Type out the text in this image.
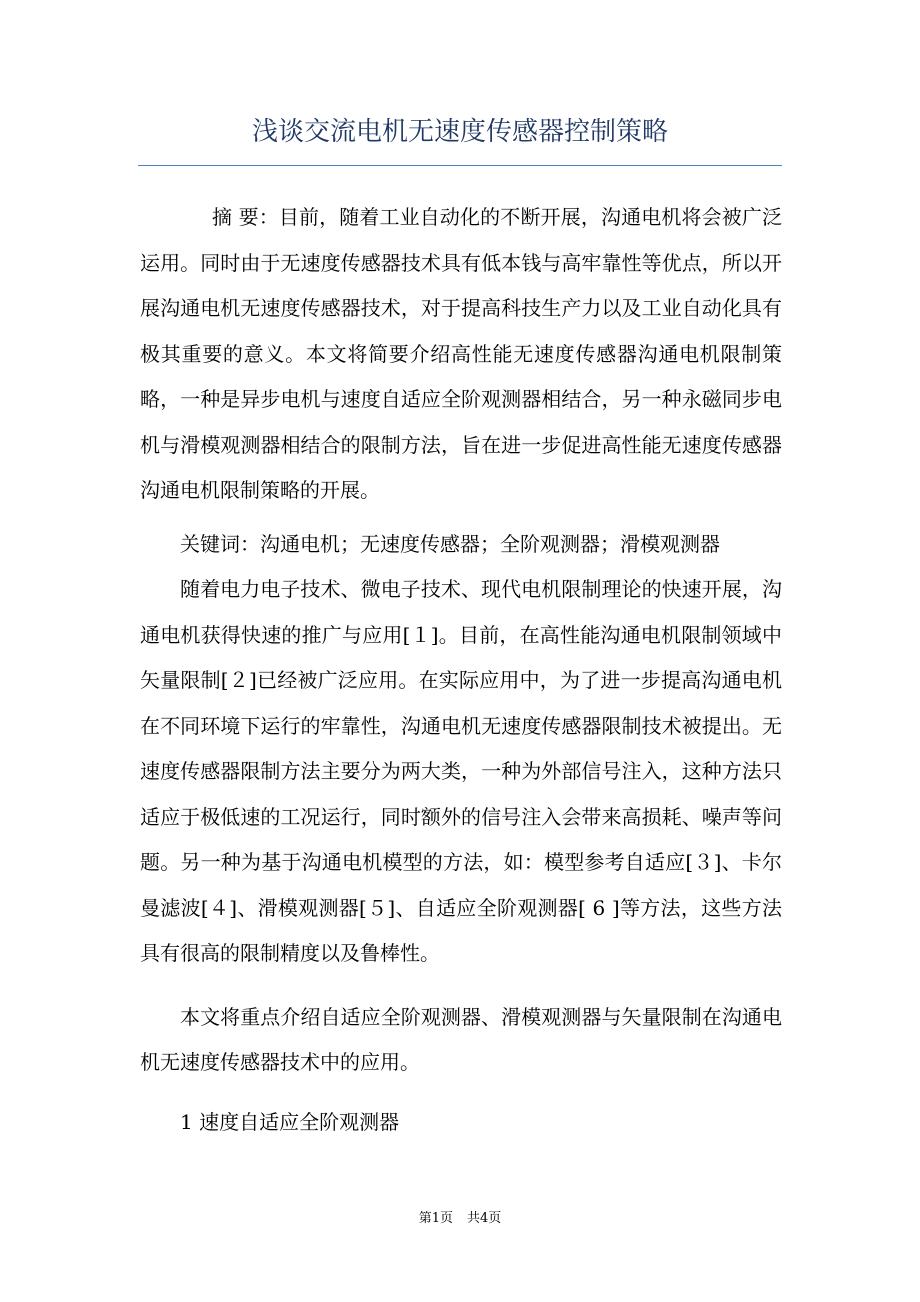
浅谈交流电机无速度传感器控制策略

摘 要：目前，随着工业自动化的不断开展，沟通电机将会被广泛运用。同时由于无速度传感器技术具有低本钱与高牢靠性等优点，所以开展沟通电机无速度传感器技术，对于提高科技生产力以及工业自动化具有极其重要的意义。本文将简要介绍高性能无速度传感器沟通电机限制策略，一种是异步电机与速度自适应全阶观测器相结合，另一种永磁同步电机与滑模观测器相结合的限制方法，旨在进一步促进高性能无速度传感器沟通电机限制策略的开展。

关键词：沟通电机；无速度传感器；全阶观测器；滑模观测器

随着电力电子技术、微电子技术、现代电机限制理论的快速开展，沟通电机获得快速的推广与应用[１]。目前，在高性能沟通电机限制领域中矢量限制[２]已经被广泛应用。在实际应用中，为了进一步提高沟通电机在不同环境下运行的牢靠性，沟通电机无速度传感器限制技术被提出。无速度传感器限制方法主要分为两大类，一种为外部信号注入，这种方法只适应于极低速的工况运行，同时额外的信号注入会带来高损耗、噪声等问题。另一种为基于沟通电机模型的方法，如：模型参考自适应[３]、卡尔曼滤波[４]、滑模观测器[５]、自适应全阶观测器[ 6 ]等方法，这些方法具有很高的限制精度以及鲁棒性。

本文将重点介绍自适应全阶观测器、滑模观测器与矢量限制在沟通电机无速度传感器技术中的应用。

1 速度自适应全阶观测器

第1页 共4页
